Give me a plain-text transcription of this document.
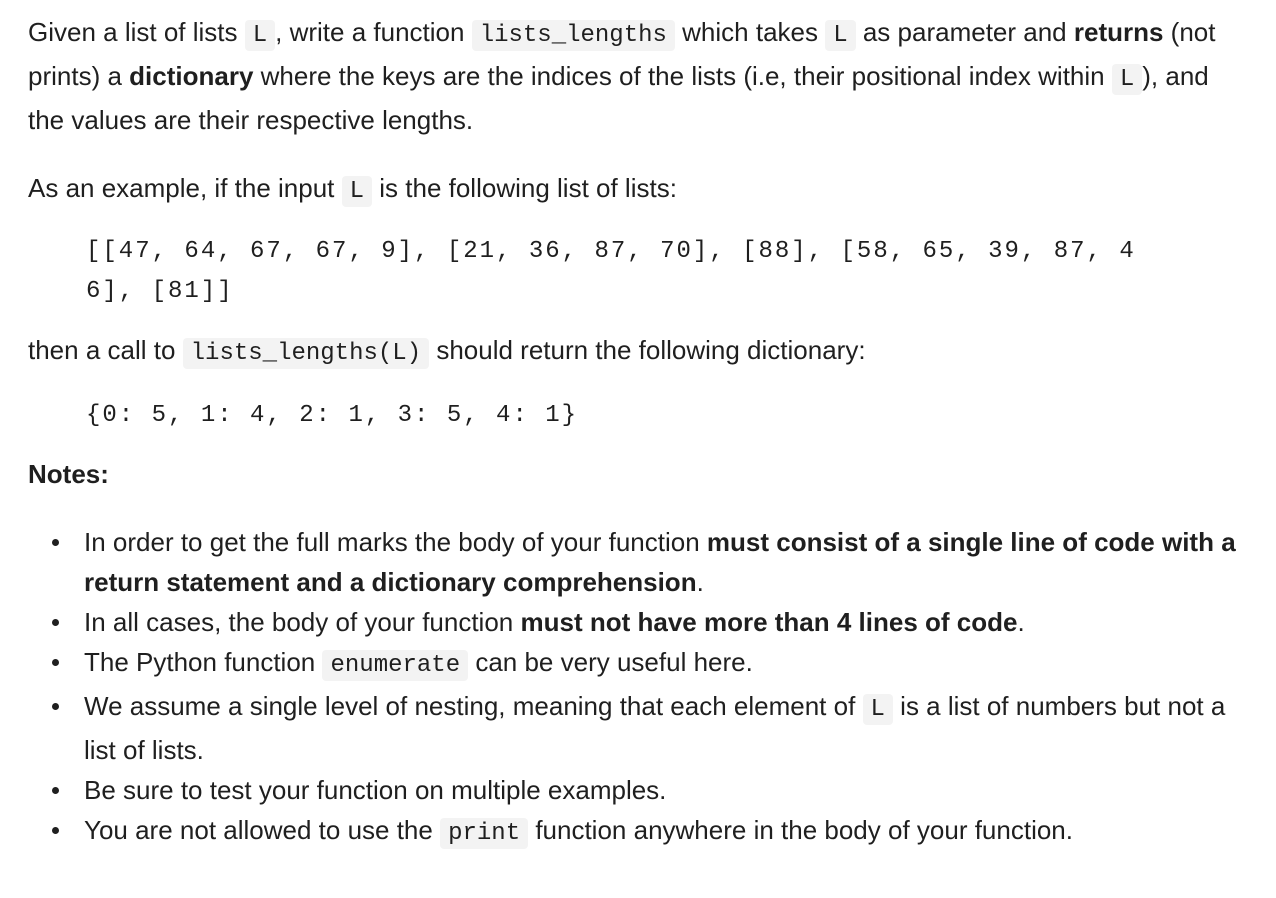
Given a list of lists L , write a function lists_lengths which takes L as parameter and returns (not prints) a dictionary where the keys are the indices of the lists (i.e, their positional index within L ), and the values are their respective lengths.

As an example, if the input L is the following list of lists:

[[47, 64, 67, 67, 9], [21, 36, 87, 70], [88], [58, 65, 39, 87, 46], [81]]

then a call to lists_lengths(L) should return the following dictionary:

{0: 5, 1: 4, 2: 1, 3: 5, 4: 1}

Notes:

In order to get the full marks the body of your function must consist of a single line of code with a return statement and a dictionary comprehension.
In all cases, the body of your function must not have more than 4 lines of code.
The Python function enumerate can be very useful here.
We assume a single level of nesting, meaning that each element of L is a list of numbers but not a list of lists.
Be sure to test your function on multiple examples.
You are not allowed to use the print function anywhere in the body of your function.
